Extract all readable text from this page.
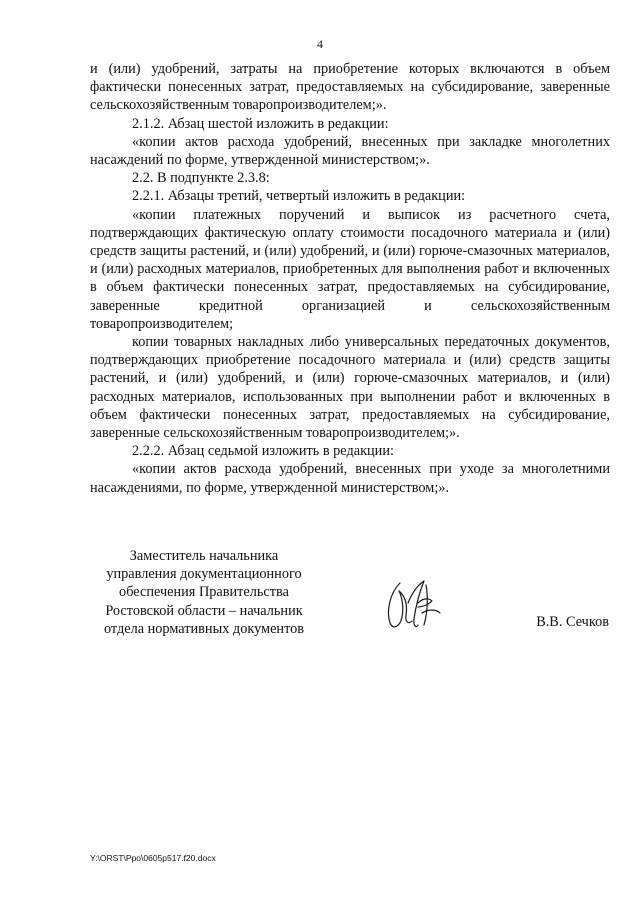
4

и (или) удобрений, затраты на приобретение которых включаются в объем фактически понесенных затрат, предоставляемых на субсидирование, заверенные сельскохозяйственным товаропроизводителем;».

2.1.2. Абзац шестой изложить в редакции:

«копии актов расхода удобрений, внесенных при закладке многолетних насаждений по форме, утвержденной министерством;».

2.2. В подпункте 2.3.8:

2.2.1. Абзацы третий, четвертый изложить в редакции:

«копии платежных поручений и выписок из расчетного счета, подтверждающих фактическую оплату стоимости посадочного материала и (или) средств защиты растений, и (или) удобрений, и (или) горюче-смазочных материалов, и (или) расходных материалов, приобретенных для выполнения работ и включенных в объем фактически понесенных затрат, предоставляемых на субсидирование, заверенные кредитной организацией и сельскохозяйственным товаропроизводителем;

копии товарных накладных либо универсальных передаточных документов, подтверждающих приобретение посадочного материала и (или) средств защиты растений, и (или) удобрений, и (или) горюче-смазочных материалов, и (или) расходных материалов, использованных при выполнении работ и включенных в объем фактически понесенных затрат, предоставляемых на субсидирование, заверенные сельскохозяйственным товаропроизводителем;».

2.2.2. Абзац седьмой изложить в редакции:

«копии актов расхода удобрений, внесенных при уходе за многолетними насаждениями, по форме, утвержденной министерством;».

Заместитель начальника
управления документационного
обеспечения Правительства
Ростовской области – начальник
отдела нормативных документов	В.В. Сечков
Y:\ORST\Ppo\0605p517.f20.docx
